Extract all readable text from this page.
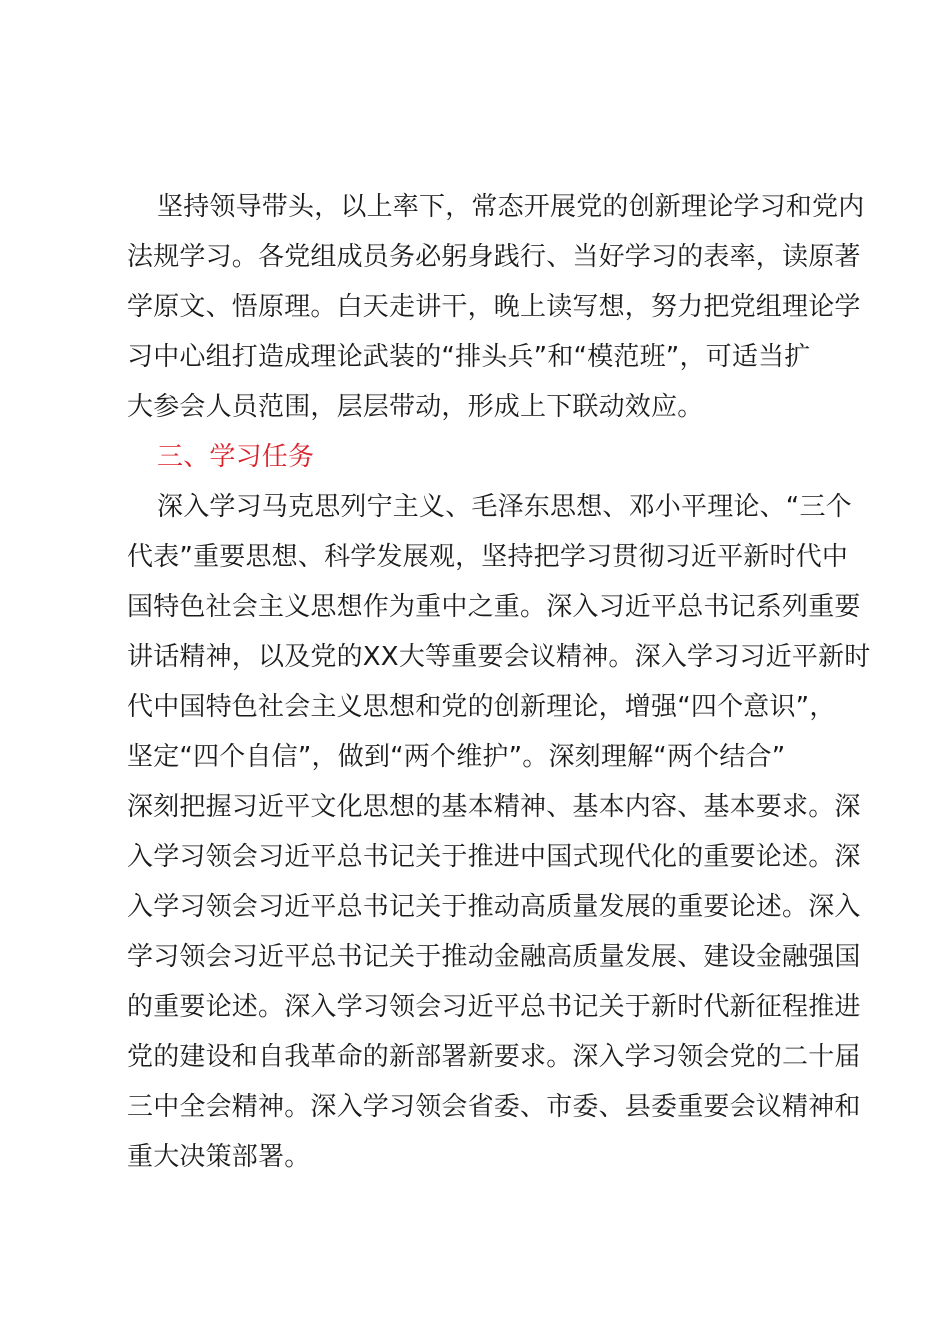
坚持领导带头，以上率下，常态开展党的创新理论学习和党内
法规学习。各党组成员务必躬身践行、当好学习的表率，读原著
学原文、悟原理。白天走讲干，晚上读写想，努力把党组理论学
习中心组打造成理论武装的“排头兵”和“模范班”，可适当扩
大参会人员范围，层层带动，形成上下联动效应。
三、学习任务
深入学习马克思列宁主义、毛泽东思想、邓小平理论、“三个
代表”重要思想、科学发展观，坚持把学习贯彻习近平新时代中
国特色社会主义思想作为重中之重。深入习近平总书记系列重要
讲话精神，以及党的XX大等重要会议精神。深入学习习近平新时
代中国特色社会主义思想和党的创新理论，增强“四个意识”，
坚定“四个自信”，做到“两个维护”。深刻理解“两个结合”
深刻把握习近平文化思想的基本精神、基本内容、基本要求。深
入学习领会习近平总书记关于推进中国式现代化的重要论述。深
入学习领会习近平总书记关于推动高质量发展的重要论述。深入
学习领会习近平总书记关于推动金融高质量发展、建设金融强国
的重要论述。深入学习领会习近平总书记关于新时代新征程推进
党的建设和自我革命的新部署新要求。深入学习领会党的二十届
三中全会精神。深入学习领会省委、市委、县委重要会议精神和
重大决策部署。
